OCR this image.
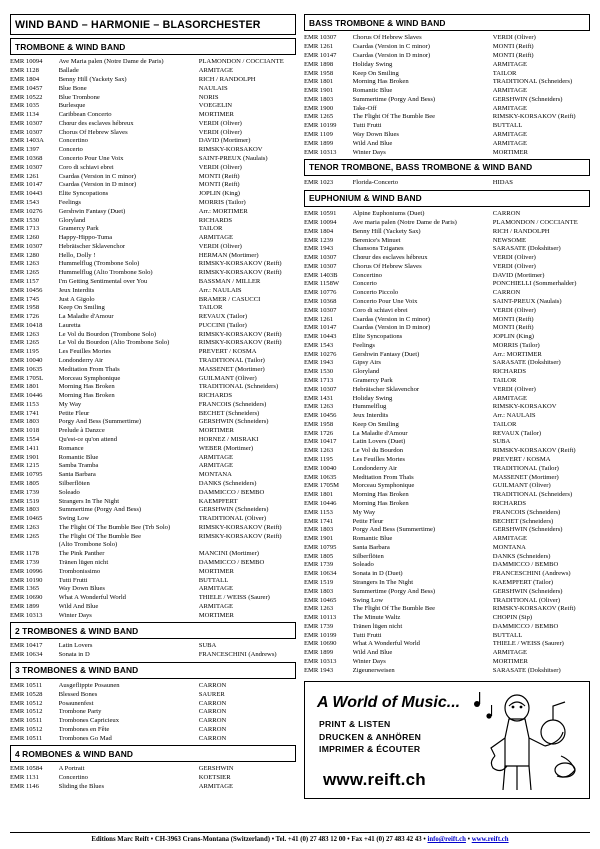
WIND BAND – HARMONIE – BLASORCHESTER
TROMBONE & WIND BAND
EMR 10094	Ave Maria palen (Notre Dame de Paris)	PLAMONDON / COCCIANTE
EMR 1128	Ballade	ARMITAGE
EMR 1804	Benny Hill (Yackety Sax)	RICH / RANDOLPH
EMR 10457	Blue Bone	NAULAIS
EMR 10522	Blue Trombone	NORIS
EMR 1035	Burlesque	VOEGELIN
EMR 1134	Caribbean Concerto	MORTIMER
EMR 10307	Chœur des esclaves hébreux	VERDI (Oliver)
EMR 10307	Chorus Of Hebrew Slaves	VERDI (Oliver)
EMR 1403A	Concertino	DAVID (Mortimer)
EMR 1397	Concerto	RIMSKY-KORSAKOV
EMR 10368	Concerto Pour Une Voix	SAINT-PREUX (Naulais)
EMR 10307	Coro di schiavi ebrei	VERDI (Oliver)
EMR 1261	Csardas (Version in C minor)	MONTI (Reift)
EMR 10147	Csardas (Version in D minor)	MONTI (Reift)
EMR 10443	Elite Syncopations	JOPLIN (King)
EMR 1543	Feelings	MORRIS (Tailor)
EMR 10276	Gershwin Fantasy (Duet)	Arr.: MORTIMER
EMR 1530	Gloryland	RICHARDS
EMR 1713	Gramercy Park	TAILOR
EMR 1260	Happy-Hippo-Tuma	ARMITAGE
EMR 10307	Hebräischer Sklavenchor	VERDI (Oliver)
EMR 1280	Hello, Dolly !	HERMAN (Mortimer)
EMR 1263	Hummelflug (Trombone Solo)	RIMSKY-KORSAKOV (Reift)
EMR 1265	Hummelflug (Alto Trombone Solo)	RIMSKY-KORSAKOV (Reift)
EMR 1157	I'm Getting Sentimental over You	BASSMAN / MILLER
EMR 10456	Jeux Interdits	Arr.: NAULAIS
EMR 1745	Just A Gigolo	BRAMER / CASUCCI
EMR 1958	Keep On Smiling	TAILOR
EMR 1726	La Maladie d'Amour	REVAUX (Tailor)
EMR 10418	Lauretta	PUCCINI (Tailor)
EMR 1263	Le Vol du Bourdon (Trombone Solo)	RIMSKY-KORSAKOV (Reift)
EMR 1265	Le Vol du Bourdon (Alto Trombone Solo)	RIMSKY-KORSAKOV (Reift)
EMR 1195	Les Feuilles Mortes	PREVERT / KOSMA
EMR 10040	Londonderry Air	TRADITIONAL (Tailor)
EMR 10635	Meditation From Thaïs	MASSENET (Mortimer)
EMR 1705L	Morceau Symphonique	GUILMANT (Oliver)
EMR 1801	Morning Has Broken	TRADITIONAL (Schneiders)
EMR 10446	Morning Has Broken	RICHARDS
EMR 1153	My Way	FRANCOIS (Schneiders)
EMR 1741	Petite Fleur	BECHET (Schneiders)
EMR 1803	Porgy And Bess (Summertime)	GERSHWIN (Schneiders)
EMR 1018	Prelude à Danzce	MORTIMER
EMR 1554	Qu'est-ce qu'on attend	HORNEZ / MISRAKI
EMR 1411	Romance	WEBER (Mortimer)
EMR 1901	Romantic Blue	ARMITAGE
EMR 1215	Samba Tramba	ARMITAGE
EMR 10795	Santa Barbara	MONTANA
EMR 1805	Silberflöten	DANKS (Schneiders)
EMR 1739	Soleado	DAMMICCO / BEMBO
EMR 1519	Strangers In The Night	KAEMPFERT
EMR 1803	Summertime (Porgy And Bess)	GERSHWIN (Schneiders)
EMR 10465	Swing Low	TRADITIONAL (Oliver)
EMR 1263	The Flight Of The Bumble Bee (Trb Solo)	RIMSKY-KORSAKOV (Reift)
EMR 1265	The Flight Of The Bumble Bee	RIMSKY-KORSAKOV (Reift)
	(Alto Trombone Solo)	
EMR 1178	The Pink Panther	MANCINI (Mortimer)
EMR 1739	Tränen lügen nicht	DAMMICCO / BEMBO
EMR 10996	Trombonissimo	MORTIMER
EMR 10190	Tutti Frutti	BUTTALL
EMR 1365	Way Down Blues	ARMITAGE
EMR 10690	What A Wonderful World	THIELE / WEISS (Saurer)
EMR 1899	Wild And Blue	ARMITAGE
EMR 10313	Winter Days	MORTIMER
2 TROMBONES & WIND BAND
EMR 10417	Latin Lovers	SUBA
EMR 10634	Sonata in D	FRANCESCHINI (Andrews)
3 TROMBONES & WIND BAND
EMR 10511	Ausgeflippte Posaunen	CARRON
EMR 10528	Blessed Bones	SAURER
EMR 10512	Posaunenfest	CARRON
EMR 10512	Trombone Party	CARRON
EMR 10511	Trombones Capricieux	CARRON
EMR 10512	Trombones en Fête	CARRON
EMR 10511	Trombones Go Mad	CARRON
4 ROMBONES & WIND BAND
EMR 10584	A Portrait	GERSHWIN
EMR 1131	Concertino	KOETSIER
EMR 1146	Sliding the Blues	ARMITAGE
BASS TROMBONE & WIND BAND
EMR 10307	Chorus Of Hebrew Slaves	VERDI (Oliver)
EMR 1261	Csardas (Version in C minor)	MONTI (Reift)
EMR 10147	Csardas (Version in D minor)	MONTI (Reift)
EMR 1898	Holiday Swing	ARMITAGE
EMR 1958	Keep On Smiling	TAILOR
EMR 1801	Morning Has Broken	TRADITIONAL (Schneiders)
EMR 1901	Romantic Blue	ARMITAGE
EMR 1803	Summertime (Porgy And Bess)	GERSHWIN (Schneiders)
EMR 1900	Take-Off	ARMITAGE
EMR 1265	The Flight Of The Bumble Bee	RIMSKY-KORSAKOV (Reift)
EMR 10199	Tutti Frutti	BUTTALL
EMR 1109	Way Down Blues	ARMITAGE
EMR 1899	Wild And Blue	ARMITAGE
EMR 10313	Winter Days	MORTIMER
TENOR TROMBONE, BASS TROMBONE & WIND BAND
EMR 1023	Florida-Concerto	HIDAS
EUPHONIUM & WIND BAND
EMR 10591	Alpine Euphoniums (Duet)	CARRON
EMR 10094	Ave maria palen (Notre Dame de Paris)	PLAMONDON / COCCIANTE
EMR 1804	Benny Hill (Yackety Sax)	RICH / RANDOLPH
EMR 1239	Berenice's Minuet	NEWSOME
EMR 1943	Chansons Tziganes	SARASATE (Dokshitser)
EMR 10307	Chœur des esclaves hébreux	VERDI (Oliver)
EMR 10307	Chorus Of Hebrew Slaves	VERDI (Oliver)
EMR 1403B	Concertino	DAVID (Mortimer)
EMR 1158W	Concerto	PONCHIELLI (Sommerhalder)
EMR 10776	Concerto Piccolo	CARRON
EMR 10368	Concerto Pour Une Voix	SAINT-PREUX (Naulais)
EMR 10307	Coro di schiavi ebrei	VERDI (Oliver)
EMR 1261	Csardas (Version in C minor)	MONTI (Reift)
EMR 10147	Csardas (Version in D minor)	MONTI (Reift)
EMR 10443	Elite Syncopations	JOPLIN (King)
EMR 1543	Feelings	MORRIS (Tailor)
EMR 10276	Gershwin Fantasy (Duet)	Arr.: MORTIMER
EMR 1943	Gipsy Airs	SARASATE (Dokshitser)
EMR 1530	Gloryland	RICHARDS
EMR 1713	Gramercy Park	TAILOR
EMR 10307	Hebräischer Sklavenchor	VERDI (Oliver)
EMR 1431	Holiday Swing	ARMITAGE
EMR 1263	Hummelflug	RIMSKY-KORSAKOV
EMR 10456	Jeux Interdits	Arr.: NAULAIS
EMR 1958	Keep On Smiling	TAILOR
EMR 1726	La Maladie d'Amour	REVAUX (Tailor)
EMR 10417	Latin Lovers (Duet)	SUBA
EMR 1263	Le Vol du Bourdon	RIMSKY-KORSAKOV (Reift)
EMR 1195	Les Feuilles Mortes	PREVERT / KOSMA
EMR 10040	Londonderry Air	TRADITIONAL (Tailor)
EMR 10635	Meditation From Thaïs	MASSENET (Mortimer)
EMR 1705M	Morceau Symphonique	GUILMANT (Oliver)
EMR 1801	Morning Has Broken	TRADITIONAL (Schneiders)
EMR 10446	Morning Has Broken	RICHARDS
EMR 1153	My Way	FRANCOIS (Schneiders)
EMR 1741	Petite Fleur	BECHET (Schneiders)
EMR 1803	Porgy And Bess (Summertime)	GERSHWIN (Schneiders)
EMR 1901	Romantic Blue	ARMITAGE
EMR 10795	Santa Barbara	MONTANA
EMR 1805	Silberflöten	DANKS (Schneiders)
EMR 1739	Soleado	DAMMICCO / BEMBO
EMR 10634	Sonata in D (Duet)	FRANCESCHINI (Andrews)
EMR 1519	Strangers In The Night	KAEMPFERT (Tailor)
EMR 1803	Summertime (Porgy And Bess)	GERSHWIN (Schneiders)
EMR 10465	Swing Low	TRADITIONAL (Oliver)
EMR 1263	The Flight Of The Bumble Bee	RIMSKY-KORSAKOV (Reift)
EMR 10113	The Minute Waltz	CHOPIN (Sip)
EMR 1739	Tränen lügen nicht	DAMMICCO / BEMBO
EMR 10199	Tutti Frutti	BUTTALL
EMR 10690	What A Wonderful World	THIELE / WEISS (Saurer)
EMR 1899	Wild And Blue	ARMITAGE
EMR 10313	Winter Days	MORTIMER
EMR 1943	Zigeunerweisen	SARASATE (Dokshitser)
A World of Music...
PRINT & LISTEN
DRUCKEN & ANHÖREN
IMPRIMER & ÉCOUTER
www.reift.ch
Editions Marc Reift • CH-3963 Crans-Montana (Switzerland) • Tel. +41 (0) 27 483 12 00 • Fax +41 (0) 27 483 42 43 • info@reift.ch • www.reift.ch
